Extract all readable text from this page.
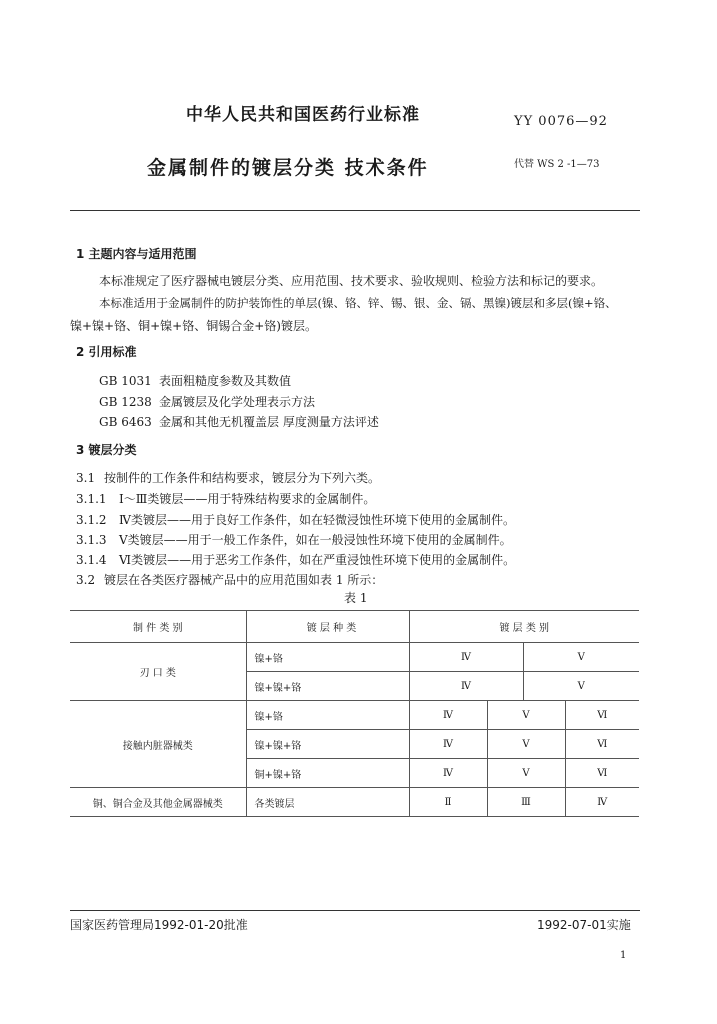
中华人民共和国医药行业标准	YY 0076—92
金属制件的镀层分类 技术条件	代替 WS 2 -1—73
1 主题内容与适用范围
本标准规定了医疗器械电镀层分类、应用范围、技术要求、验收规则、检验方法和标记的要求。
本标准适用于金属制件的防护装饰性的单层(镍、铬、锌、锡、银、金、镉、黑镍)镀层和多层(镍+铬、
镍+镍+铬、铜+镍+铬、铜锡合金+铬)镀层。
2 引用标准
GB 1031 表面粗糙度参数及其数值
GB 1238 金属镀层及化学处理表示方法
GB 6463 金属和其他无机覆盖层 厚度测量方法评述
3 镀层分类
3.1 按制件的工作条件和结构要求，镀层分为下列六类。
3.1.1 Ⅰ～Ⅲ类镀层——用于特殊结构要求的金属制件。
3.1.2 Ⅳ类镀层——用于良好工作条件，如在轻微浸蚀性环境下使用的金属制件。
3.1.3 Ⅴ类镀层——用于一般工作条件，如在一般浸蚀性环境下使用的金属制件。
3.1.4 Ⅵ类镀层——用于恶劣工作条件，如在严重浸蚀性环境下使用的金属制件。
3.2 镀层在各类医疗器械产品中的应用范围如表 1 所示：
表 1
制 件 类 别	镀 层 种 类	镀 层 类 别			
刃 口 类	镍+铬	Ⅳ		Ⅴ	
	镍+镍+铬	Ⅳ		Ⅴ	
接触内脏器械类	镍+铬	Ⅳ	Ⅴ		Ⅵ
	镍+镍+铬	Ⅳ	Ⅴ		Ⅵ
	铜+镍+铬	Ⅳ	Ⅴ		Ⅵ
铜、铜合金及其他金属器械类	各类镀层	Ⅱ	Ⅲ		Ⅳ
国家医药管理局1992-01-20批准	1992-07-01实施
1
